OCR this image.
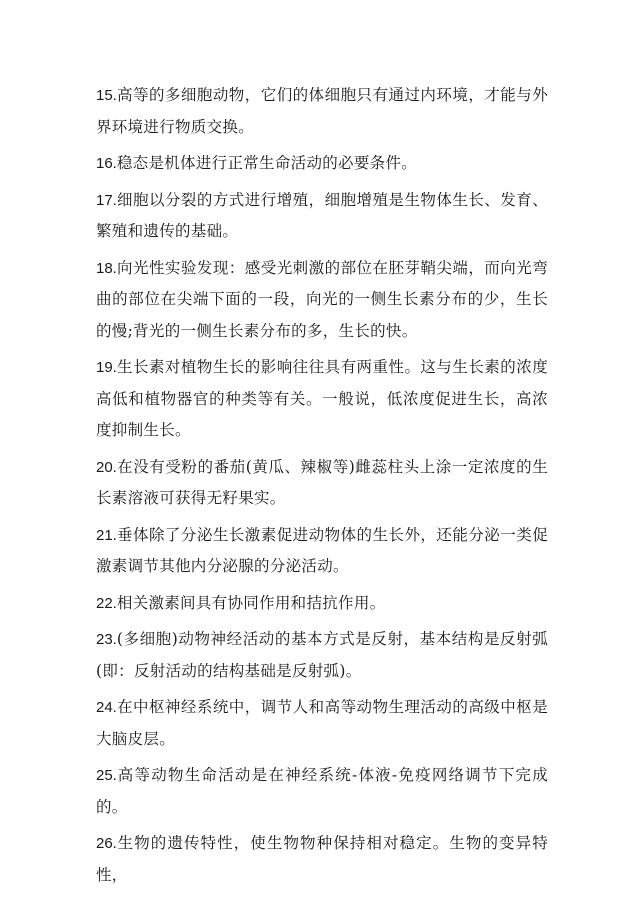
15.高等的多细胞动物，它们的体细胞只有通过内环境，才能与外界环境进行物质交换。

16.稳态是机体进行正常生命活动的必要条件。

17.细胞以分裂的方式进行增殖，细胞增殖是生物体生长、发育、繁殖和遗传的基础。

18.向光性实验发现：感受光刺激的部位在胚芽鞘尖端，而向光弯曲的部位在尖端下面的一段，向光的一侧生长素分布的少，生长的慢;背光的一侧生长素分布的多，生长的快。

19.生长素对植物生长的影响往往具有两重性。这与生长素的浓度高低和植物器官的种类等有关。一般说，低浓度促进生长，高浓度抑制生长。

20.在没有受粉的番茄(黄瓜、辣椒等)雌蕊柱头上涂一定浓度的生长素溶液可获得无籽果实。

21.垂体除了分泌生长激素促进动物体的生长外，还能分泌一类促激素调节其他内分泌腺的分泌活动。

22.相关激素间具有协同作用和拮抗作用。

23.(多细胞)动物神经活动的基本方式是反射，基本结构是反射弧(即：反射活动的结构基础是反射弧)。

24.在中枢神经系统中，调节人和高等动物生理活动的高级中枢是大脑皮层。

25.高等动物生命活动是在神经系统-体液-免疫网络调节下完成的。

26.生物的遗传特性，使生物物种保持相对稳定。生物的变异特性，
